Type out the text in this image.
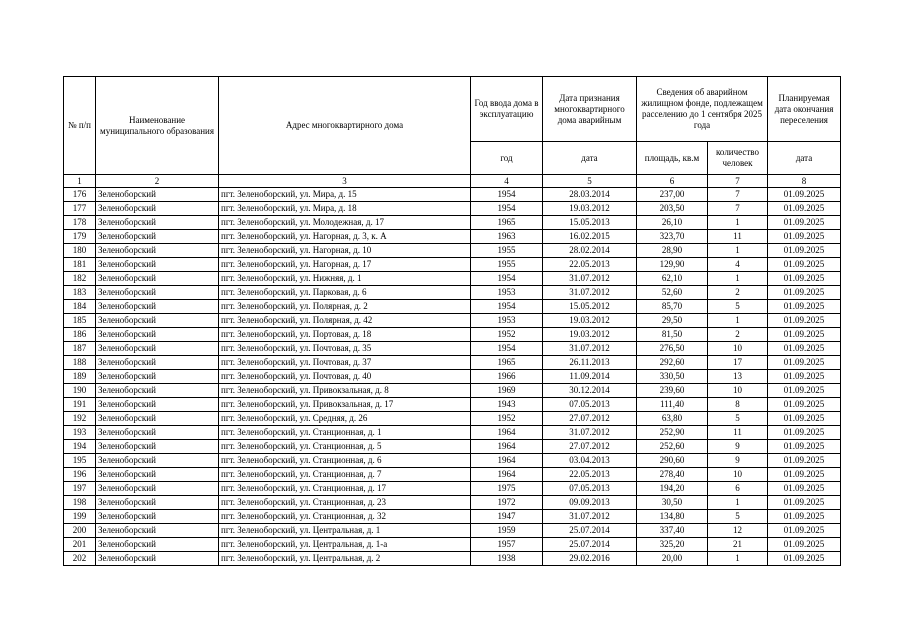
№ п/п	Наименование муниципального образования	Адрес многоквартирного дома	Год ввода дома в эксплуатацию	Дата признания многоквартирного дома аварийным	Сведения об аварийном жилищном фонде, подлежащем расселению до 1 сентября 2025 года		Планируемая дата окончания переселения
			год	дата	площадь, кв.м	количество человек	дата
1	2	3	4	5	6	7	8
176	Зеленоборский	пгт. Зеленоборский, ул. Мира, д. 15	1954	28.03.2014	237,00	7	01.09.2025
177	Зеленоборский	пгт. Зеленоборский, ул. Мира, д. 18	1954	19.03.2012	203,50	7	01.09.2025
178	Зеленоборский	пгт. Зеленоборский, ул. Молодежная, д. 17	1965	15.05.2013	26,10	1	01.09.2025
179	Зеленоборский	пгт. Зеленоборский, ул. Нагорная, д. 3, к. А	1963	16.02.2015	323,70	11	01.09.2025
180	Зеленоборский	пгт. Зеленоборский, ул. Нагорная, д. 10	1955	28.02.2014	28,90	1	01.09.2025
181	Зеленоборский	пгт. Зеленоборский, ул. Нагорная, д. 17	1955	22.05.2013	129,90	4	01.09.2025
182	Зеленоборский	пгт. Зеленоборский, ул. Нижняя, д. 1	1954	31.07.2012	62,10	1	01.09.2025
183	Зеленоборский	пгт. Зеленоборский, ул. Парковая, д. 6	1953	31.07.2012	52,60	2	01.09.2025
184	Зеленоборский	пгт. Зеленоборский, ул. Полярная, д. 2	1954	15.05.2012	85,70	5	01.09.2025
185	Зеленоборский	пгт. Зеленоборский, ул. Полярная, д. 42	1953	19.03.2012	29,50	1	01.09.2025
186	Зеленоборский	пгт. Зеленоборский, ул. Портовая, д. 18	1952	19.03.2012	81,50	2	01.09.2025
187	Зеленоборский	пгт. Зеленоборский, ул. Почтовая, д. 35	1954	31.07.2012	276,50	10	01.09.2025
188	Зеленоборский	пгт. Зеленоборский, ул. Почтовая, д. 37	1965	26.11.2013	292,60	17	01.09.2025
189	Зеленоборский	пгт. Зеленоборский, ул. Почтовая, д. 40	1966	11.09.2014	330,50	13	01.09.2025
190	Зеленоборский	пгт. Зеленоборский, ул. Привокзальная, д. 8	1969	30.12.2014	239,60	10	01.09.2025
191	Зеленоборский	пгт. Зеленоборский, ул. Привокзальная, д. 17	1943	07.05.2013	111,40	8	01.09.2025
192	Зеленоборский	пгт. Зеленоборский, ул. Средняя, д. 26	1952	27.07.2012	63,80	5	01.09.2025
193	Зеленоборский	пгт. Зеленоборский, ул. Станционная, д. 1	1964	31.07.2012	252,90	11	01.09.2025
194	Зеленоборский	пгт. Зеленоборский, ул. Станционная, д. 5	1964	27.07.2012	252,60	9	01.09.2025
195	Зеленоборский	пгт. Зеленоборский, ул. Станционная, д. 6	1964	03.04.2013	290,60	9	01.09.2025
196	Зеленоборский	пгт. Зеленоборский, ул. Станционная, д. 7	1964	22.05.2013	278,40	10	01.09.2025
197	Зеленоборский	пгт. Зеленоборский, ул. Станционная, д. 17	1975	07.05.2013	194,20	6	01.09.2025
198	Зеленоборский	пгт. Зеленоборский, ул. Станционная, д. 23	1972	09.09.2013	30,50	1	01.09.2025
199	Зеленоборский	пгт. Зеленоборский, ул. Станционная, д. 32	1947	31.07.2012	134,80	5	01.09.2025
200	Зеленоборский	пгт. Зеленоборский, ул. Центральная, д. 1	1959	25.07.2014	337,40	12	01.09.2025
201	Зеленоборский	пгт. Зеленоборский, ул. Центральная, д. 1-а	1957	25.07.2014	325,20	21	01.09.2025
202	Зеленоборский	пгт. Зеленоборский, ул. Центральная, д. 2	1938	29.02.2016	20,00	1	01.09.2025
